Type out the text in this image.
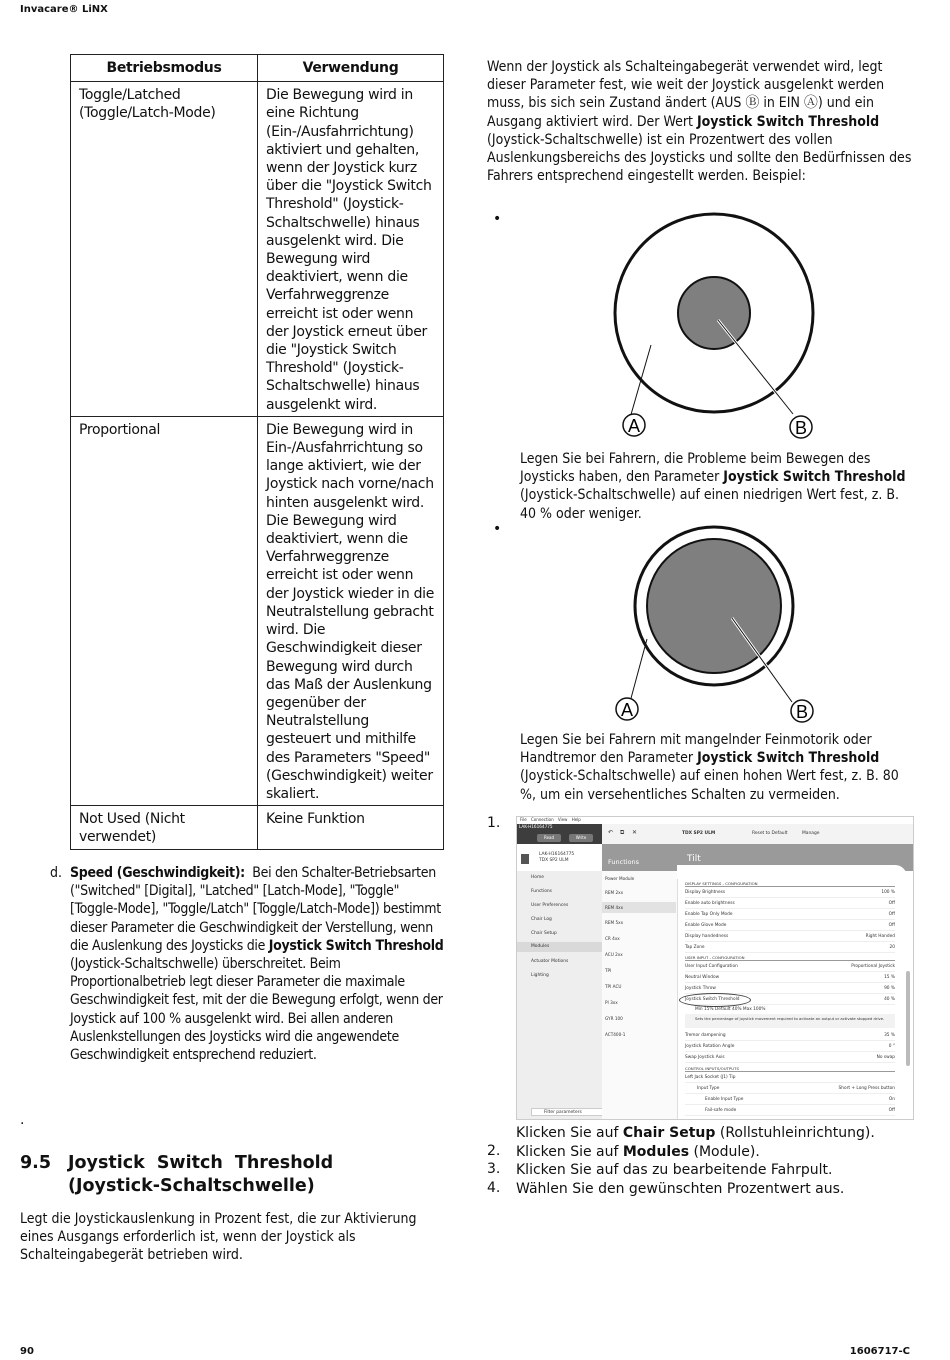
Invacare® LiNX
Betriebsmodus	Verwendung
Toggle/Latched (Toggle/Latch-Mode)	Die Bewegung wird in eine Richtung (Ein-/Ausfahrrichtung) aktiviert und gehalten, wenn der Joystick kurz über die "Joystick Switch Threshold" (Joystick-Schaltschwelle) hinaus ausgelenkt wird. Die Bewegung wird deaktiviert, wenn die Verfahrweggrenze erreicht ist oder wenn der Joystick erneut über die "Joystick Switch Threshold" (Joystick-Schaltschwelle) hinaus ausgelenkt wird.
Proportional	Die Bewegung wird in Ein-/Ausfahrrichtung so lange aktiviert, wie der Joystick nach vorne/nach hinten ausgelenkt wird. Die Bewegung wird deaktiviert, wenn die Verfahrweggrenze erreicht ist oder wenn der Joystick wieder in die Neutralstellung gebracht wird. Die Geschwindigkeit dieser Bewegung wird durch das Maß der Auslenkung gegenüber der Neutralstellung gesteuert und mithilfe des Parameters "Speed" (Geschwindigkeit) weiter skaliert.
Not Used (Nicht verwendet)	Keine Funktion
d. Speed (Geschwindigkeit): Bei den Schalter-Betriebsarten ("Switched" [Digital], "Latched" [Latch-Mode], "Toggle" [Toggle-Mode], "Toggle/Latch" [Toggle/Latch-Mode]) bestimmt dieser Parameter die Geschwindigkeit der Verstellung, wenn die Auslenkung des Joysticks die Joystick Switch Threshold (Joystick-Schaltschwelle) überschreitet. Beim Proportionalbetrieb legt dieser Parameter die maximale Geschwindigkeit fest, mit der die Bewegung erfolgt, wenn der Joystick auf 100 % ausgelenkt wird. Bei allen anderen Auslenkstellungen des Joysticks wird die angewendete Geschwindigkeit entsprechend reduziert.
.
9.5 Joystick Switch Threshold
(Joystick-Schaltschwelle)
Legt die Joystickauslenkung in Prozent fest, die zur Aktivierung eines Ausgangs erforderlich ist, wenn der Joystick als Schalteingabegerät betrieben wird.
Wenn der Joystick als Schalteingabegerät verwendet wird, legt dieser Parameter fest, wie weit der Joystick ausgelenkt werden muss, bis sich sein Zustand ändert (AUS Ⓑ in EIN Ⓐ) und ein Ausgang aktiviert wird. Der Wert Joystick Switch Threshold (Joystick-Schaltschwelle) ist ein Prozentwert des vollen Auslenkungsbereichs des Joysticks und sollte den Bedürfnissen des Fahrers entsprechend eingestellt werden. Beispiel:
•
•
A	B
Legen Sie bei Fahrern, die Probleme beim Bewegen des Joysticks haben, den Parameter Joystick Switch Threshold (Joystick-Schaltschwelle) auf einen niedrigen Wert fest, z. B. 40 % oder weniger.
A	B
Legen Sie bei Fahrern mit mangelnder Feinmotorik oder Handtremor den Parameter Joystick Switch Threshold (Joystick-Schaltschwelle) auf einen hohen Wert fest, z. B. 80 %, um ein versehentliches Schalten zu vermeiden.
1.	File Connection View Help
LAK-H16164775
Read	Write
↶ ⧉ ✕	TDX SP2 ULM	Reset to Default	Manage
LAK-H16164775
TDX SP2 ULM
Home
Functions
User Preferences
Chair Log
Chair Setup
Modules
Actuator Motions
Lighting
Filter parameters
Power Module
REM 2xx
REM 4xx
REM 5xx
CR 4xx
ACU 2xx
TPI
TPI ACU
PI 3xx
GYR 100
ACT400-1
Functions	Tilt
DISPLAY SETTINGS - CONFIGURATION
Display Brightness	100 %
Enable auto brightness	Off
Enable Tap Only Mode	Off
Enable Glove Mode	Off
Display handedness	Right Handed
Tap Zone	20
USER INPUT - CONFIGURATION
User Input Configuration	Proportional Joystick
Neutral Window	15 %
Joystick Throw	90 %
Joystick Switch Threshold	40 %
Min 15% Default 40% Max 100%
Sets the percentage of joystick movement required to activate an output or activate stopped drive.
Tremor dampening	35 %
Joystick Rotation Angle	0 °
Swap Joystick Axis	No swap
CONTROL INPUTS/OUTPUTS
Left Jack Socket (J1) Tip
Input Type	Short + Long Press button
Enable Input Type	On
Fail-safe mode	Off
Klicken Sie auf Chair Setup (Rollstuhleinrichtung).
2. Klicken Sie auf Modules (Module).
3. Klicken Sie auf das zu bearbeitende Fahrpult.
4. Wählen Sie den gewünschten Prozentwert aus.
90	1606717-C
